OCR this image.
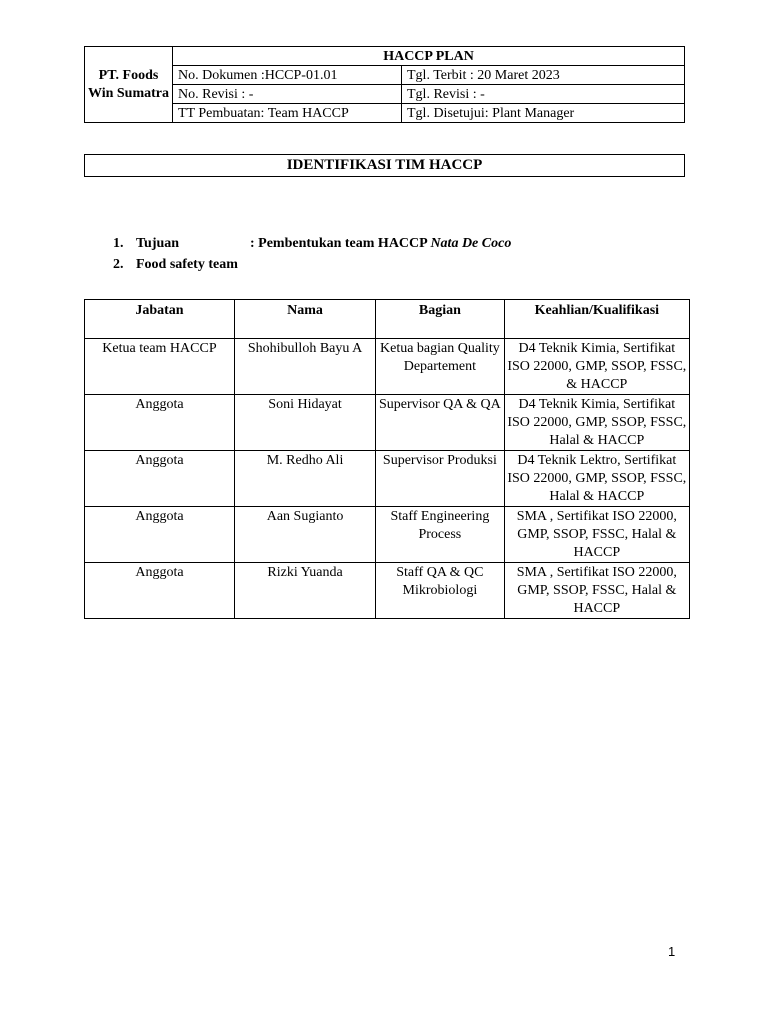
PT. Foods Win Sumatra	HACCP PLAN	
	No. Dokumen :HCCP-01.01	Tgl. Terbit : 20 Maret 2023
	No. Revisi : -	Tgl. Revisi : -
	TT Pembuatan: Team HACCP	Tgl. Disetujui: Plant Manager
IDENTIFIKASI TIM HACCP
1. Tujuan	: Pembentukan team HACCP Nata De Coco
2. Food safety team
Jabatan	Nama	Bagian	Keahlian/Kualifikasi
Ketua team HACCP	Shohibulloh Bayu A	Ketua bagian Quality Departement	D4 Teknik Kimia, Sertifikat ISO 22000, GMP, SSOP, FSSC, & HACCP
Anggota	Soni Hidayat	Supervisor QA & QA	D4 Teknik Kimia, Sertifikat ISO 22000, GMP, SSOP, FSSC, Halal & HACCP
Anggota	M. Redho Ali	Supervisor Produksi	D4 Teknik Lektro, Sertifikat ISO 22000, GMP, SSOP, FSSC, Halal & HACCP
Anggota	Aan Sugianto	Staff Engineering Process	SMA , Sertifikat ISO 22000, GMP, SSOP, FSSC, Halal & HACCP
Anggota	Rizki Yuanda	Staff QA & QC Mikrobiologi	SMA , Sertifikat ISO 22000, GMP, SSOP, FSSC, Halal & HACCP
1
